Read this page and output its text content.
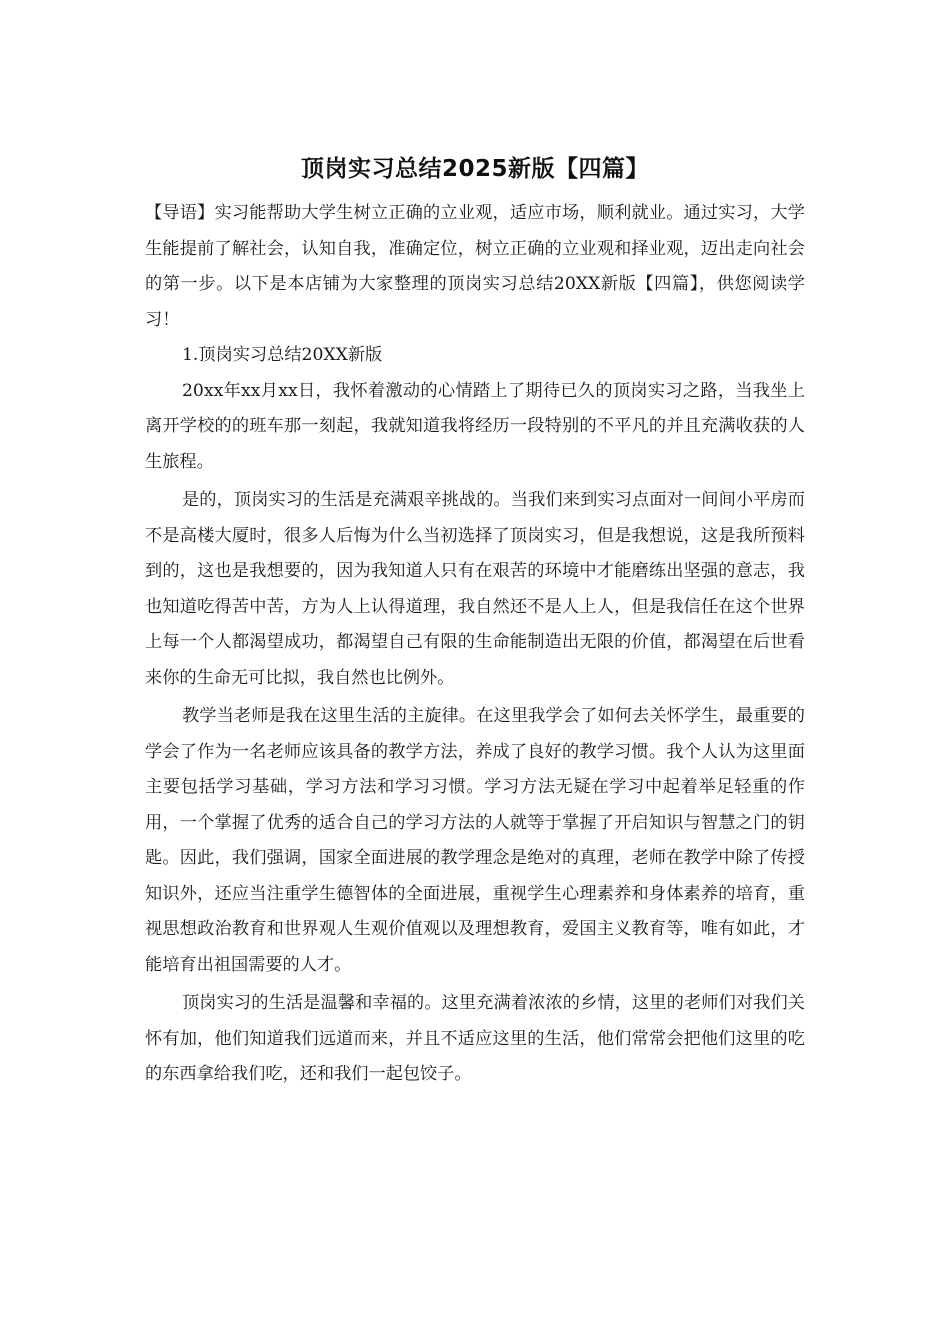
顶岗实习总结2025新版【四篇】

【导语】实习能帮助大学生树立正确的立业观，适应市场，顺利就业。通过实习，大学生能提前了解社会，认知自我，准确定位，树立正确的立业观和择业观，迈出走向社会的第一步。以下是本店铺为大家整理的顶岗实习总结20XX新版【四篇】，供您阅读学习！

1.顶岗实习总结20XX新版

20xx年xx月xx日，我怀着激动的心情踏上了期待已久的顶岗实习之路，当我坐上离开学校的的班车那一刻起，我就知道我将经历一段特别的不平凡的并且充满收获的人生旅程。

是的，顶岗实习的生活是充满艰辛挑战的。当我们来到实习点面对一间间小平房而不是高楼大厦时，很多人后悔为什么当初选择了顶岗实习，但是我想说，这是我所预料到的，这也是我想要的，因为我知道人只有在艰苦的环境中才能磨练出坚强的意志，我也知道吃得苦中苦，方为人上认得道理，我自然还不是人上人，但是我信任在这个世界上每一个人都渴望成功，都渴望自己有限的生命能制造出无限的价值，都渴望在后世看来你的生命无可比拟，我自然也比例外。

教学当老师是我在这里生活的主旋律。在这里我学会了如何去关怀学生，最重要的学会了作为一名老师应该具备的教学方法，养成了良好的教学习惯。我个人认为这里面主要包括学习基础，学习方法和学习习惯。学习方法无疑在学习中起着举足轻重的作用，一个掌握了优秀的适合自己的学习方法的人就等于掌握了开启知识与智慧之门的钥匙。因此，我们强调，国家全面进展的教学理念是绝对的真理，老师在教学中除了传授知识外，还应当注重学生德智体的全面进展，重视学生心理素养和身体素养的培育，重视思想政治教育和世界观人生观价值观以及理想教育，爱国主义教育等，唯有如此，才能培育出祖国需要的人才。

顶岗实习的生活是温馨和幸福的。这里充满着浓浓的乡情，这里的老师们对我们关怀有加，他们知道我们远道而来，并且不适应这里的生活，他们常常会把他们这里的吃的东西拿给我们吃，还和我们一起包饺子。
